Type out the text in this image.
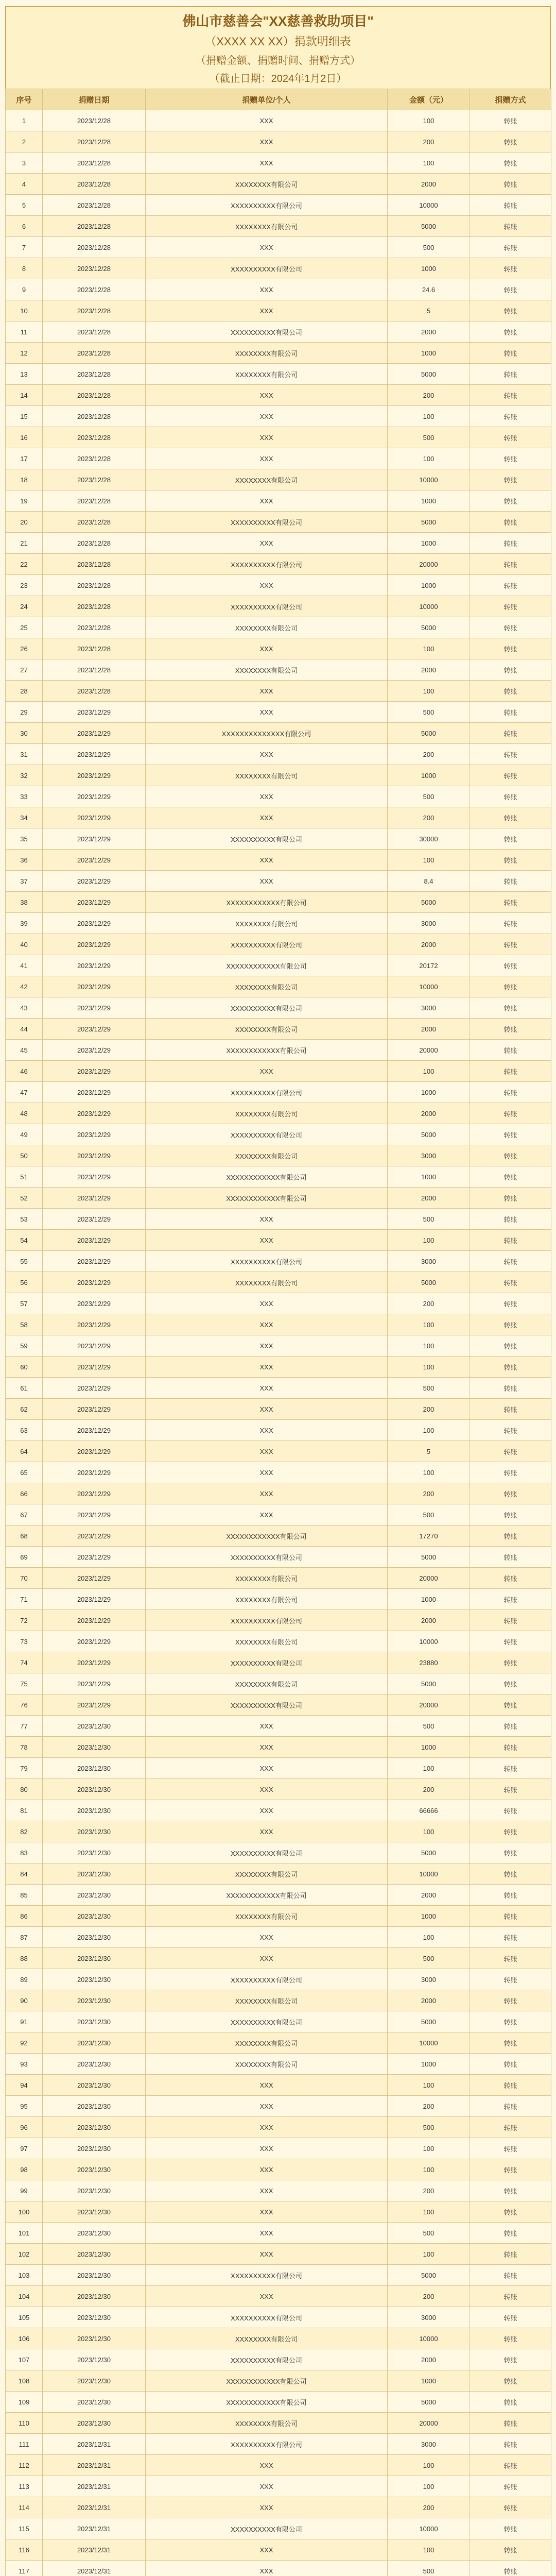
佛山市慈善会"XX慈善救助项目"
（XXXX XX XX）捐款明细表
（捐赠金额、捐赠时间、捐赠方式）
（截止日期：2024年1月2日）
序号	捐赠日期	捐赠单位/个人	金额（元）	捐赠方式
1	2023/12/28	XXX	100	转账
2	2023/12/28	XXX	200	转账
3	2023/12/28	XXX	100	转账
4	2023/12/28	XXXXXXXX有限公司	2000	转账
5	2023/12/28	XXXXXXXXXX有限公司	10000	转账
6	2023/12/28	XXXXXXXX有限公司	5000	转账
7	2023/12/28	XXX	500	转账
8	2023/12/28	XXXXXXXXXX有限公司	1000	转账
9	2023/12/28	XXX	24.6	转账
10	2023/12/28	XXX	5	转账
11	2023/12/28	XXXXXXXXXX有限公司	2000	转账
12	2023/12/28	XXXXXXXX有限公司	1000	转账
13	2023/12/28	XXXXXXXX有限公司	5000	转账
14	2023/12/28	XXX	200	转账
15	2023/12/28	XXX	100	转账
16	2023/12/28	XXX	500	转账
17	2023/12/28	XXX	100	转账
18	2023/12/28	XXXXXXXX有限公司	10000	转账
19	2023/12/28	XXX	1000	转账
20	2023/12/28	XXXXXXXXXX有限公司	5000	转账
21	2023/12/28	XXX	1000	转账
22	2023/12/28	XXXXXXXXXX有限公司	20000	转账
23	2023/12/28	XXX	1000	转账
24	2023/12/28	XXXXXXXXXX有限公司	10000	转账
25	2023/12/28	XXXXXXXX有限公司	5000	转账
26	2023/12/28	XXX	100	转账
27	2023/12/28	XXXXXXXX有限公司	2000	转账
28	2023/12/28	XXX	100	转账
29	2023/12/29	XXX	500	转账
30	2023/12/29	XXXXXXXXXXXXXX有限公司	5000	转账
31	2023/12/29	XXX	200	转账
32	2023/12/29	XXXXXXXX有限公司	1000	转账
33	2023/12/29	XXX	500	转账
34	2023/12/29	XXX	200	转账
35	2023/12/29	XXXXXXXXXX有限公司	30000	转账
36	2023/12/29	XXX	100	转账
37	2023/12/29	XXX	8.4	转账
38	2023/12/29	XXXXXXXXXXXX有限公司	5000	转账
39	2023/12/29	XXXXXXXX有限公司	3000	转账
40	2023/12/29	XXXXXXXXXX有限公司	2000	转账
41	2023/12/29	XXXXXXXXXXXX有限公司	20172	转账
42	2023/12/29	XXXXXXXX有限公司	10000	转账
43	2023/12/29	XXXXXXXXXX有限公司	3000	转账
44	2023/12/29	XXXXXXXX有限公司	2000	转账
45	2023/12/29	XXXXXXXXXXXX有限公司	20000	转账
46	2023/12/29	XXX	100	转账
47	2023/12/29	XXXXXXXXXX有限公司	1000	转账
48	2023/12/29	XXXXXXXX有限公司	2000	转账
49	2023/12/29	XXXXXXXXXX有限公司	5000	转账
50	2023/12/29	XXXXXXXX有限公司	3000	转账
51	2023/12/29	XXXXXXXXXXXX有限公司	1000	转账
52	2023/12/29	XXXXXXXXXXXX有限公司	2000	转账
53	2023/12/29	XXX	500	转账
54	2023/12/29	XXX	100	转账
55	2023/12/29	XXXXXXXXXX有限公司	3000	转账
56	2023/12/29	XXXXXXXX有限公司	5000	转账
57	2023/12/29	XXX	200	转账
58	2023/12/29	XXX	100	转账
59	2023/12/29	XXX	100	转账
60	2023/12/29	XXX	100	转账
61	2023/12/29	XXX	500	转账
62	2023/12/29	XXX	200	转账
63	2023/12/29	XXX	100	转账
64	2023/12/29	XXX	5	转账
65	2023/12/29	XXX	100	转账
66	2023/12/29	XXX	200	转账
67	2023/12/29	XXX	500	转账
68	2023/12/29	XXXXXXXXXXXX有限公司	17270	转账
69	2023/12/29	XXXXXXXXXX有限公司	5000	转账
70	2023/12/29	XXXXXXXX有限公司	20000	转账
71	2023/12/29	XXXXXXXX有限公司	1000	转账
72	2023/12/29	XXXXXXXXXX有限公司	2000	转账
73	2023/12/29	XXXXXXXX有限公司	10000	转账
74	2023/12/29	XXXXXXXXXX有限公司	23880	转账
75	2023/12/29	XXXXXXXX有限公司	5000	转账
76	2023/12/29	XXXXXXXXXX有限公司	20000	转账
77	2023/12/30	XXX	500	转账
78	2023/12/30	XXX	1000	转账
79	2023/12/30	XXX	100	转账
80	2023/12/30	XXX	200	转账
81	2023/12/30	XXX	66666	转账
82	2023/12/30	XXX	100	转账
83	2023/12/30	XXXXXXXXXX有限公司	5000	转账
84	2023/12/30	XXXXXXXX有限公司	10000	转账
85	2023/12/30	XXXXXXXXXXXX有限公司	2000	转账
86	2023/12/30	XXXXXXXX有限公司	1000	转账
87	2023/12/30	XXX	100	转账
88	2023/12/30	XXX	500	转账
89	2023/12/30	XXXXXXXXXX有限公司	3000	转账
90	2023/12/30	XXXXXXXX有限公司	2000	转账
91	2023/12/30	XXXXXXXXXX有限公司	5000	转账
92	2023/12/30	XXXXXXXX有限公司	10000	转账
93	2023/12/30	XXXXXXXX有限公司	1000	转账
94	2023/12/30	XXX	100	转账
95	2023/12/30	XXX	200	转账
96	2023/12/30	XXX	500	转账
97	2023/12/30	XXX	100	转账
98	2023/12/30	XXX	100	转账
99	2023/12/30	XXX	200	转账
100	2023/12/30	XXX	100	转账
101	2023/12/30	XXX	500	转账
102	2023/12/30	XXX	100	转账
103	2023/12/30	XXXXXXXXXX有限公司	5000	转账
104	2023/12/30	XXX	200	转账
105	2023/12/30	XXXXXXXXXX有限公司	3000	转账
106	2023/12/30	XXXXXXXX有限公司	10000	转账
107	2023/12/30	XXXXXXXXXX有限公司	2000	转账
108	2023/12/30	XXXXXXXXXXXX有限公司	1000	转账
109	2023/12/30	XXXXXXXXXXXX有限公司	5000	转账
110	2023/12/30	XXXXXXXX有限公司	20000	转账
111	2023/12/31	XXXXXXXXXX有限公司	3000	转账
112	2023/12/31	XXX	100	转账
113	2023/12/31	XXX	100	转账
114	2023/12/31	XXX	200	转账
115	2023/12/31	XXXXXXXXXX有限公司	10000	转账
116	2023/12/31	XXX	100	转账
117	2023/12/31	XXX	500	转账
